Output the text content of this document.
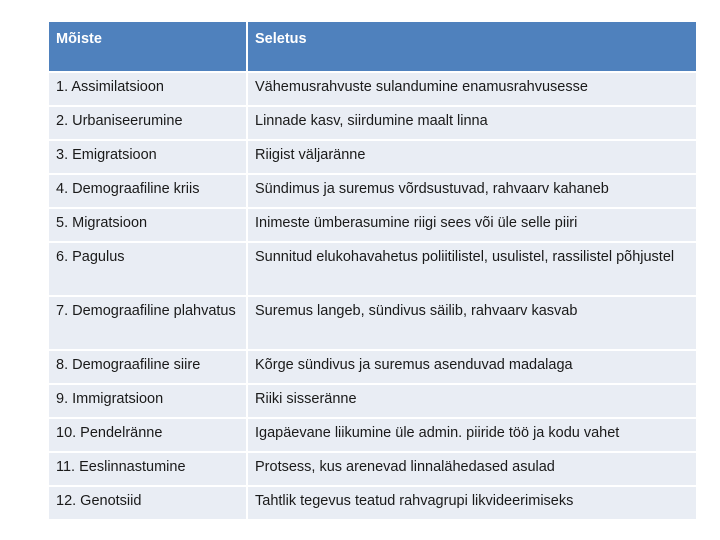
Mõiste	Seletus

1. Assimilatsioon	Vähemusrahvuste sulandumine enamusrahvusesse
2. Urbaniseerumine	Linnade kasv, siirdumine maalt linna
3. Emigratsioon	Riigist väljaränne
4. Demograafiline kriis	Sündimus ja suremus võrdsustuvad, rahvaarv kahaneb
5. Migratsioon	Inimeste ümberasumine riigi sees või üle selle piiri
6. Pagulus	Sunnitud elukohavahetus poliitilistel, usulistel, rassilistel põhjustel
7. Demograafiline plahvatus	Suremus langeb, sündivus säilib, rahvaarv kasvab
8. Demograafiline siire	Kõrge sündivus ja suremus asenduvad madalaga
9. Immigratsioon	Riiki sisseränne
10. Pendelränne	Igapäevane liikumine üle admin. piiride töö ja kodu vahet
11. Eeslinnastumine	Protsess, kus arenevad linnalähedased asulad
12. Genotsiid	Tahtlik tegevus teatud rahvagrupi likvideerimiseks
